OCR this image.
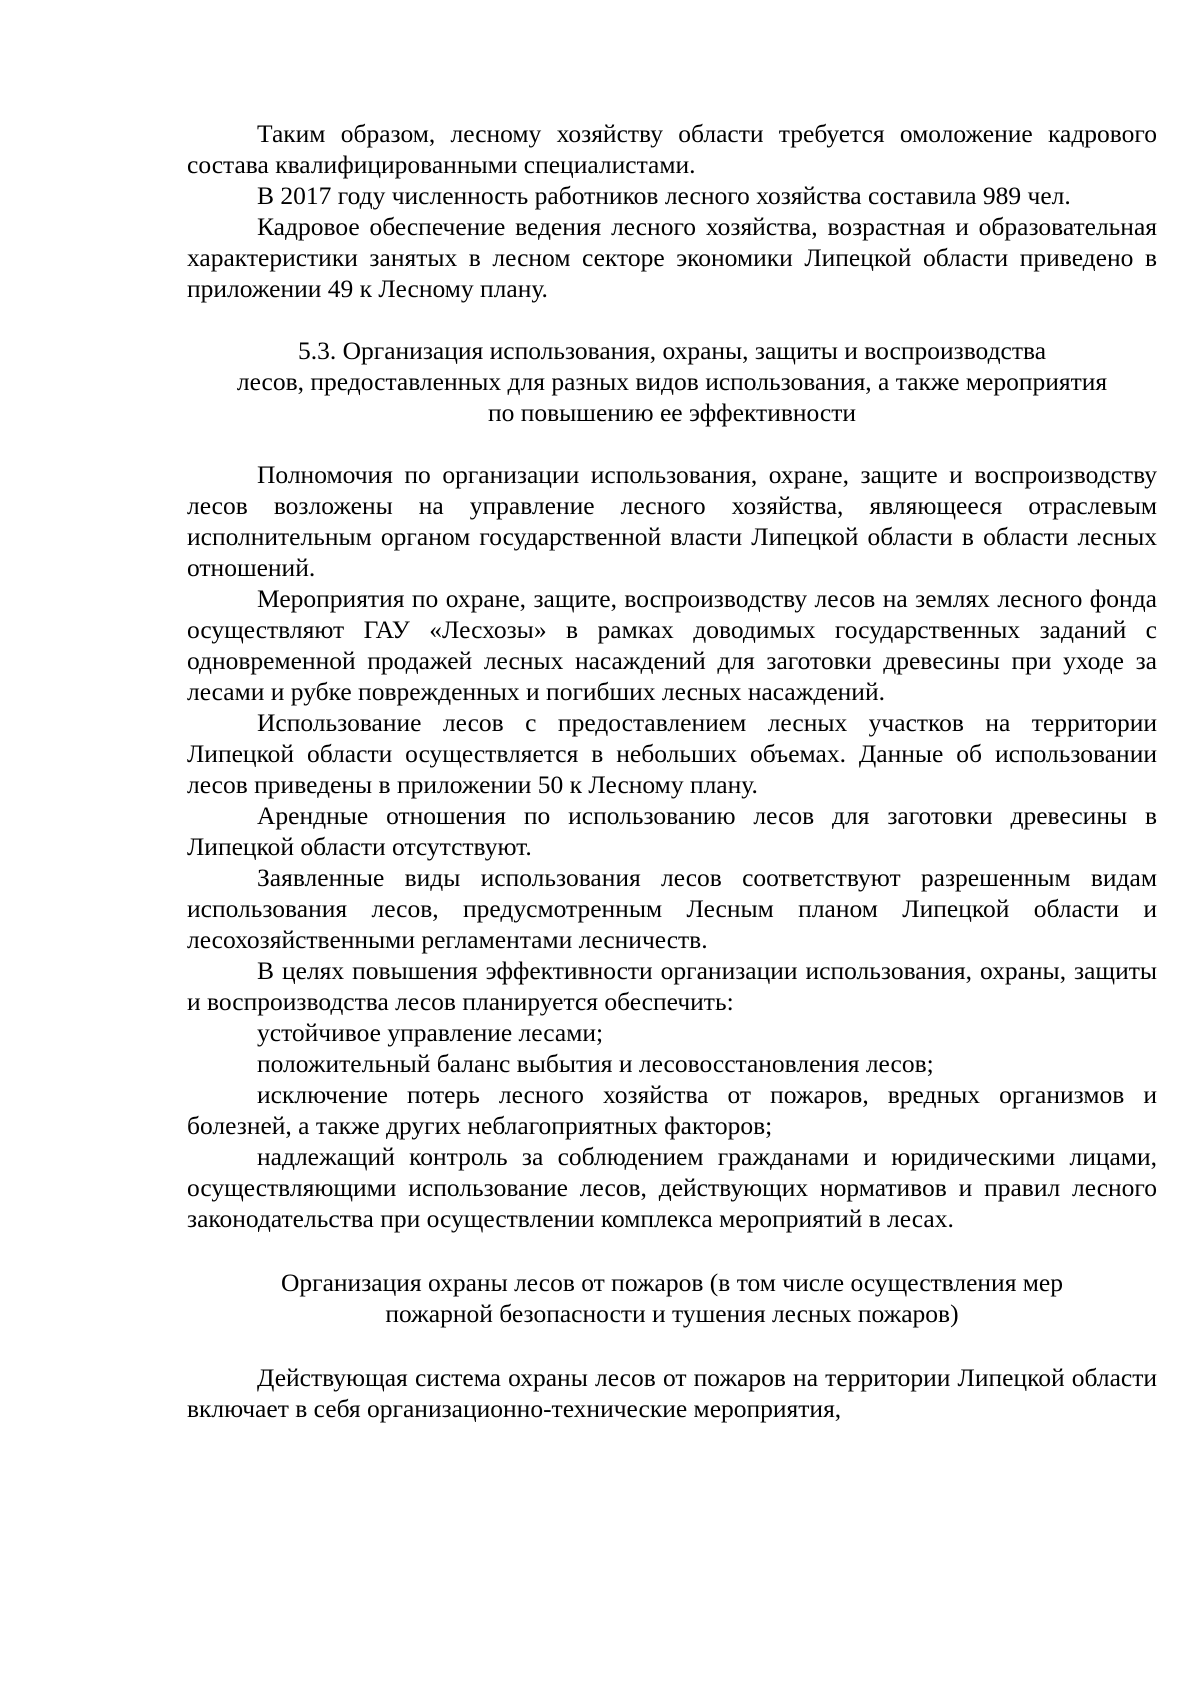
Таким образом, лесному хозяйству области требуется омоложение кадрового состава квалифицированными специалистами.

В 2017 году численность работников лесного хозяйства составила 989 чел.

Кадровое обеспечение ведения лесного хозяйства, возрастная и образовательная характеристики занятых в лесном секторе экономики Липецкой области приведено в приложении 49 к Лесному плану.

5.3. Организация использования, охраны, защиты и воспроизводства
лесов, предоставленных для разных видов использования, а также мероприятия
по повышению ее эффективности

Полномочия по организации использования, охране, защите и воспроизводству лесов возложены на управление лесного хозяйства, являющееся отраслевым исполнительным органом государственной власти Липецкой области в области лесных отношений.

Мероприятия по охране, защите, воспроизводству лесов на землях лесного фонда осуществляют ГАУ «Лесхозы» в рамках доводимых государственных заданий с одновременной продажей лесных насаждений для заготовки древесины при уходе за лесами и рубке поврежденных и погибших лесных насаждений.

Использование лесов с предоставлением лесных участков на территории Липецкой области осуществляется в небольших объемах. Данные об использовании лесов приведены в приложении 50 к Лесному плану.

Арендные отношения по использованию лесов для заготовки древесины в Липецкой области отсутствуют.

Заявленные виды использования лесов соответствуют разрешенным видам использования лесов, предусмотренным Лесным планом Липецкой области и лесохозяйственными регламентами лесничеств.

В целях повышения эффективности организации использования, охраны, защиты и воспроизводства лесов планируется обеспечить:

устойчивое управление лесами;

положительный баланс выбытия и лесовосстановления лесов;

исключение потерь лесного хозяйства от пожаров, вредных организмов и болезней, а также других неблагоприятных факторов;

надлежащий контроль за соблюдением гражданами и юридическими лицами, осуществляющими использование лесов, действующих нормативов и правил лесного законодательства при осуществлении комплекса мероприятий в лесах.

Организация охраны лесов от пожаров (в том числе осуществления мер
пожарной безопасности и тушения лесных пожаров)

Действующая система охраны лесов от пожаров на территории Липецкой области включает в себя организационно-технические мероприятия,
